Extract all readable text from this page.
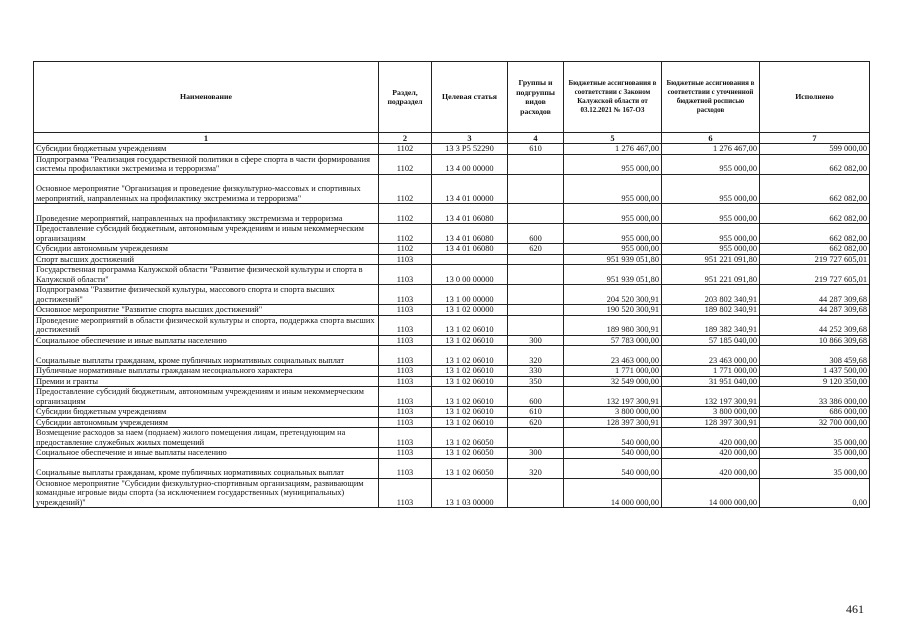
Наименование	Раздел, подраздел	Целевая статья	Группы и подгруппы видов расходов	Бюджетные ассигнования в соответствии с Законом Калужской области от 03.12.2021 № 167-ОЗ	Бюджетные ассигнования в соответствии с уточненной бюджетной росписью расходов	Исполнено
1	2	3	4	5	6	7
Субсидии бюджетным учреждениям	1102	13 3 P5 52290	610	1 276 467,00	1 276 467,00	599 000,00
Подпрограмма "Реализация государственной политики в сфере спорта в части формирования системы профилактики экстремизма и терроризма"	1102	13 4 00 00000		955 000,00	955 000,00	662 082,00
Основное мероприятие "Организация и проведение физкультурно-массовых и спортивных мероприятий, направленных на профилактику экстремизма и терроризма"	1102	13 4 01 00000		955 000,00	955 000,00	662 082,00
Проведение мероприятий, направленных на профилактику экстремизма и терроризма	1102	13 4 01 06080		955 000,00	955 000,00	662 082,00
Предоставление субсидий бюджетным, автономным учреждениям и иным некоммерческим организациям	1102	13 4 01 06080	600	955 000,00	955 000,00	662 082,00
Субсидии автономным учреждениям	1102	13 4 01 06080	620	955 000,00	955 000,00	662 082,00
Спорт высших достижений	1103			951 939 051,80	951 221 091,80	219 727 605,01
Государственная программа Калужской области "Развитие физической культуры и спорта в Калужской области"	1103	13 0 00 00000		951 939 051,80	951 221 091,80	219 727 605,01
Подпрограмма "Развитие физической культуры, массового спорта и спорта высших достижений"	1103	13 1 00 00000		204 520 300,91	203 802 340,91	44 287 309,68
Основное мероприятие "Развитие спорта высших достижений"	1103	13 1 02 00000		190 520 300,91	189 802 340,91	44 287 309,68
Проведение мероприятий в области физической культуры и спорта, поддержка спорта высших достижений	1103	13 1 02 06010		189 980 300,91	189 382 340,91	44 252 309,68
Социальное обеспечение и иные выплаты населению	1103	13 1 02 06010	300	57 783 000,00	57 185 040,00	10 866 309,68
Социальные выплаты гражданам, кроме публичных нормативных социальных выплат	1103	13 1 02 06010	320	23 463 000,00	23 463 000,00	308 459,68
Публичные нормативные выплаты гражданам несоциального характера	1103	13 1 02 06010	330	1 771 000,00	1 771 000,00	1 437 500,00
Премии и гранты	1103	13 1 02 06010	350	32 549 000,00	31 951 040,00	9 120 350,00
Предоставление субсидий бюджетным, автономным учреждениям и иным некоммерческим организациям	1103	13 1 02 06010	600	132 197 300,91	132 197 300,91	33 386 000,00
Субсидии бюджетным учреждениям	1103	13 1 02 06010	610	3 800 000,00	3 800 000,00	686 000,00
Субсидии автономным учреждениям	1103	13 1 02 06010	620	128 397 300,91	128 397 300,91	32 700 000,00
Возмещение расходов за наем (поднаем) жилого помещения лицам, претендующим на предоставление служебных жилых помещений	1103	13 1 02 06050		540 000,00	420 000,00	35 000,00
Социальное обеспечение и иные выплаты населению	1103	13 1 02 06050	300	540 000,00	420 000,00	35 000,00
Социальные выплаты гражданам, кроме публичных нормативных социальных выплат	1103	13 1 02 06050	320	540 000,00	420 000,00	35 000,00
Основное мероприятие "Субсидии физкультурно-спортивным организациям, развивающим командные игровые виды спорта (за исключением государственных (муниципальных) учреждений)"	1103	13 1 03 00000		14 000 000,00	14 000 000,00	0,00
461
